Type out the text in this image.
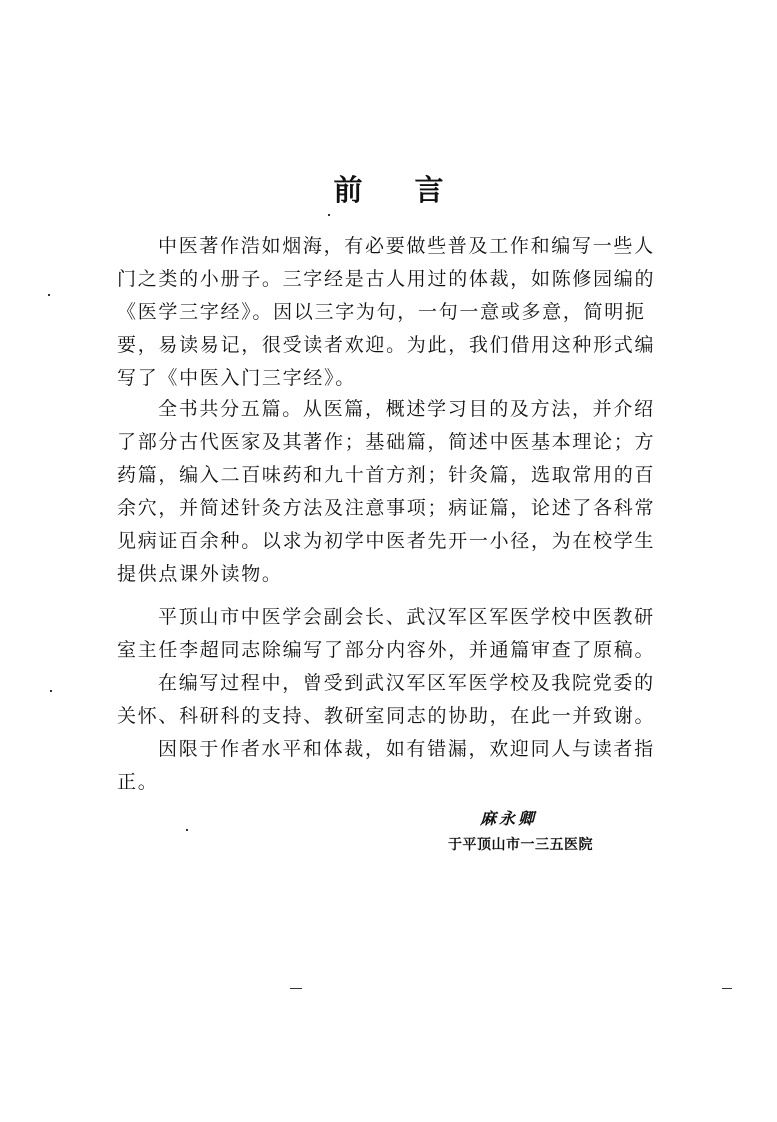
前言
中医著作浩如烟海，有必要做些普及工作和编写一些人
门之类的小册子。三字经是古人用过的体裁，如陈修园编的
《医学三字经》。因以三字为句，一句一意或多意，简明扼
要，易读易记，很受读者欢迎。为此，我们借用这种形式编
写了《中医入门三字经》。
全书共分五篇。从医篇，概述学习目的及方法，并介绍
了部分古代医家及其著作；基础篇，简述中医基本理论；方
药篇，编入二百味药和九十首方剂；针灸篇，选取常用的百
余穴，并简述针灸方法及注意事项；病证篇，论述了各科常
见病证百余种。以求为初学中医者先开一小径，为在校学生
提供点课外读物。
平顶山市中医学会副会长、武汉军区军医学校中医教研
室主任李超同志除编写了部分内容外，并通篇审查了原稿。
在编写过程中，曾受到武汉军区军医学校及我院党委的
关怀、科研科的支持、教研室同志的协助，在此一并致谢。
因限于作者水平和体裁，如有错漏，欢迎同人与读者指
正。
麻永卿
于平顶山市一三五医院
